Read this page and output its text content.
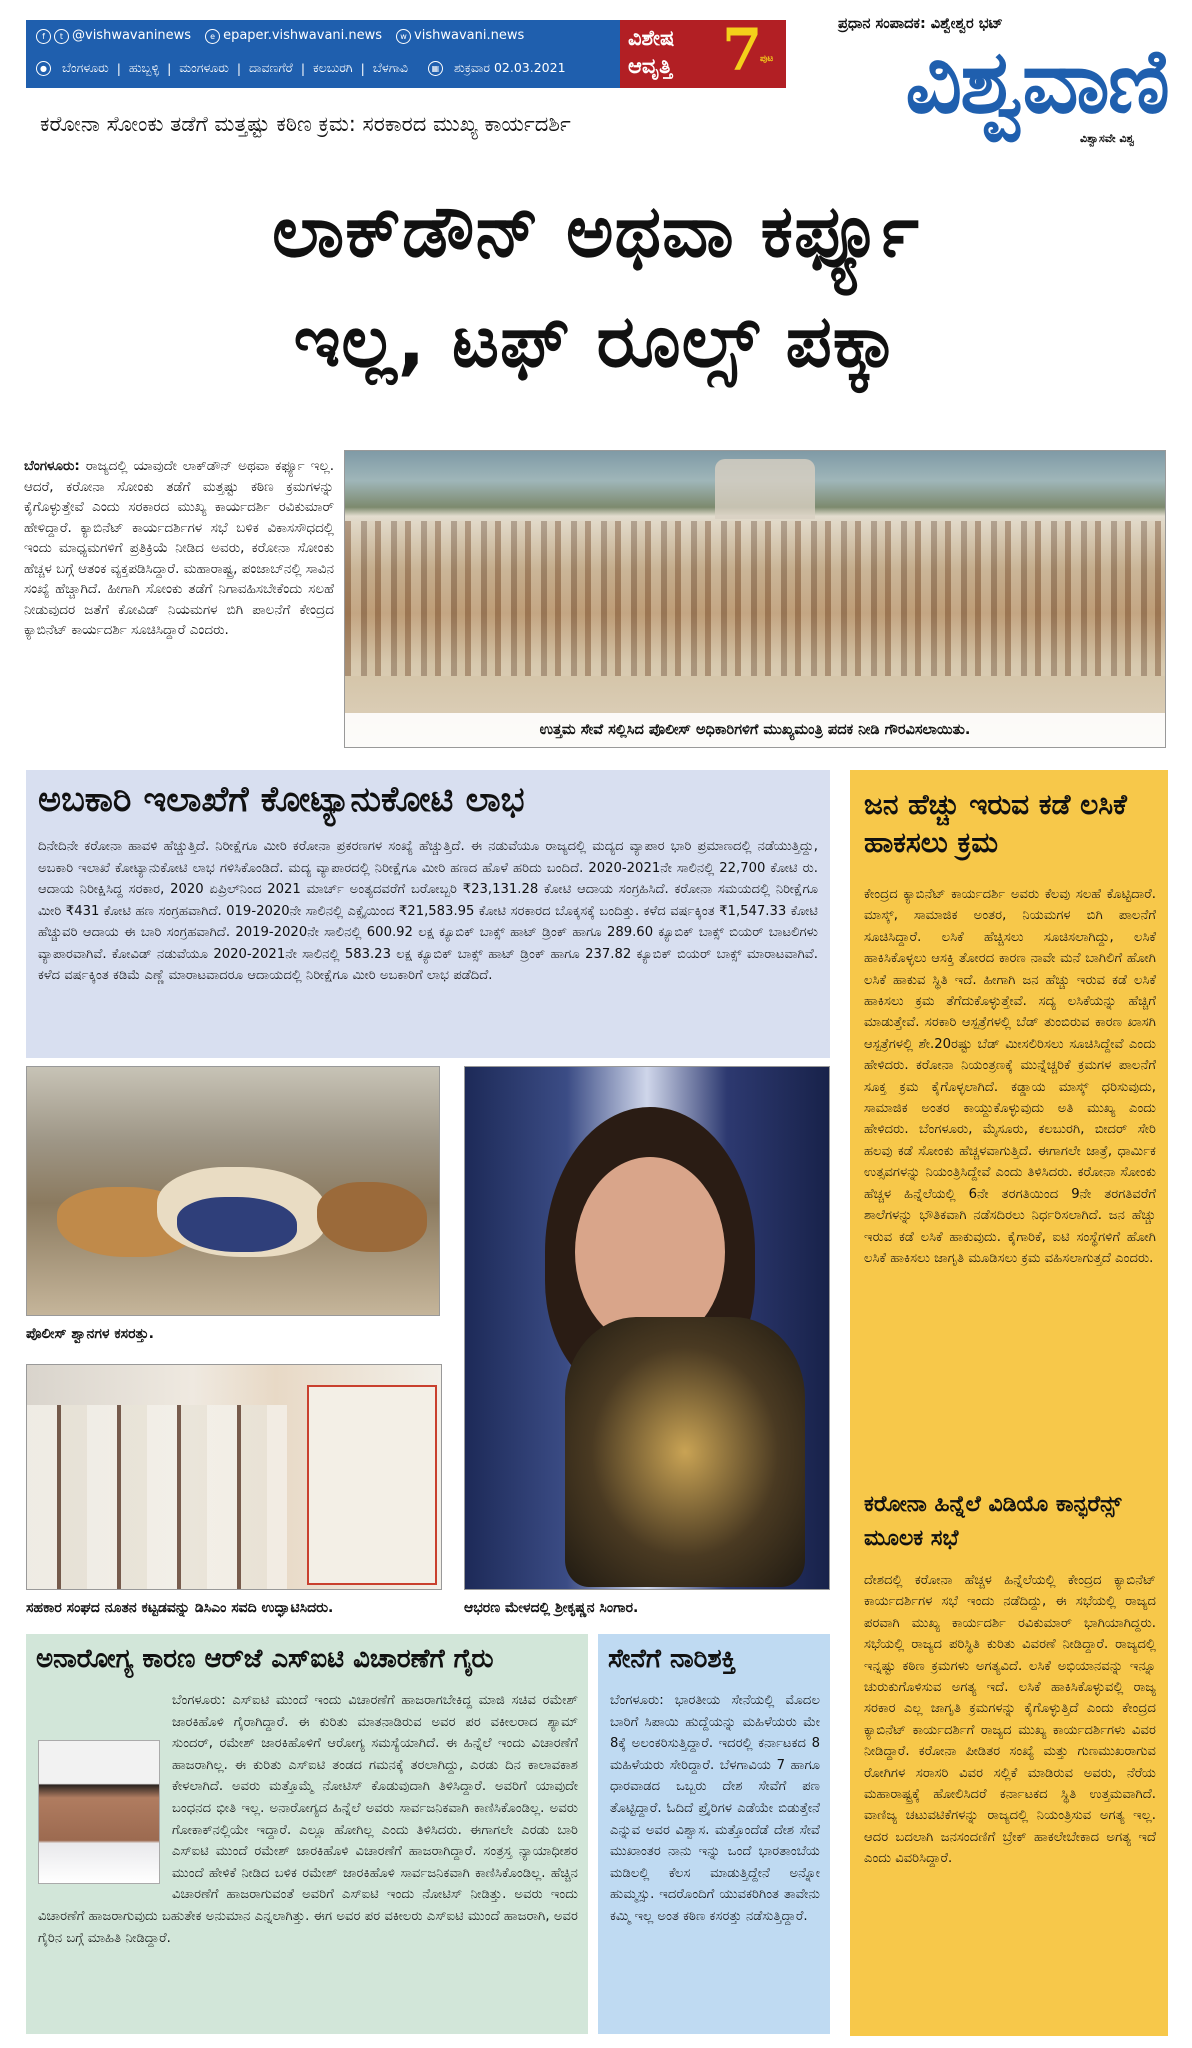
f t @vishwavaninews	e epaper.vishwavani.news	w vishwavani.news
●	ಬೆಂಗಳೂರು | ಹುಬ್ಬಳ್ಳಿ | ಮಂಗಳೂರು | ದಾವಣಗೆರೆ | ಕಲಬುರಗಿ | ಬೆಳಗಾವಿ	▦ ಶುಕ್ರವಾರ 02.03.2021
ವಿಶೇಷ ಆವೃತ್ತಿ 7
ಪುಟ
ಪ್ರಧಾನ ಸಂಪಾದಕ: ವಿಶ್ವೇಶ್ವರ ಭಟ್
ವಿಶ್ವವಾಣಿ
ವಿಶ್ವಾಸವೇ ವಿಶ್ವ
ಕರೋನಾ ಸೋಂಕು ತಡೆಗೆ ಮತ್ತಷ್ಟು ಕಠಿಣ ಕ್ರಮ: ಸರಕಾರದ ಮುಖ್ಯ ಕಾರ್ಯದರ್ಶಿ
ಲಾಕ್‌ಡೌನ್ ಅಥವಾ ಕರ್ಫ್ಯೂ
ಇಲ್ಲ, ಟಫ್ ರೂಲ್ಸ್ ಪಕ್ಕಾ
ಬೆಂಗಳೂರು: ರಾಜ್ಯದಲ್ಲಿ ಯಾವುದೇ ಲಾಕ್‌ಡೌನ್ ಅಥವಾ ಕರ್ಫ್ಯೂ ಇಲ್ಲ. ಆದರೆ, ಕರೋನಾ ಸೋಂಕು ತಡೆಗೆ ಮತ್ತಷ್ಟು ಕಠಿಣ ಕ್ರಮಗಳನ್ನು ಕೈಗೊಳ್ಳುತ್ತೇವೆ ಎಂದು ಸರಕಾರದ ಮುಖ್ಯ ಕಾರ್ಯದರ್ಶಿ ರವಿಕುಮಾರ್ ಹೇಳಿದ್ದಾರೆ. ಕ್ಯಾಬಿನೆಟ್ ಕಾರ್ಯದರ್ಶಿಗಳ ಸಭೆ ಬಳಿಕ ವಿಕಾಸಸೌಧದಲ್ಲಿ ಇಂದು ಮಾಧ್ಯಮಗಳಿಗೆ ಪ್ರತಿಕ್ರಿಯೆ ನೀಡಿದ ಅವರು, ಕರೋನಾ ಸೋಂಕು ಹೆಚ್ಚಳ ಬಗ್ಗೆ ಆತಂಕ ವ್ಯಕ್ತಪಡಿಸಿದ್ದಾರೆ. ಮಹಾರಾಷ್ಟ್ರ, ಪಂಜಾಬ್‌ನಲ್ಲಿ ಸಾವಿನ ಸಂಖ್ಯೆ ಹೆಚ್ಚಾಗಿದೆ. ಹೀಗಾಗಿ ಸೋಂಕು ತಡೆಗೆ ನಿಗಾವಹಿಸಬೇಕೆಂದು ಸಲಹೆ ನೀಡುವುದರ ಜತೆಗೆ ಕೋವಿಡ್ ನಿಯಮಗಳ ಬಿಗಿ ಪಾಲನೆಗೆ ಕೇಂದ್ರದ ಕ್ಯಾಬಿನೆಟ್ ಕಾರ್ಯದರ್ಶಿ ಸೂಚಿಸಿದ್ದಾರೆ ಎಂದರು.
ಉತ್ತಮ ಸೇವೆ ಸಲ್ಲಿಸಿದ ಪೊಲೀಸ್ ಅಧಿಕಾರಿಗಳಿಗೆ ಮುಖ್ಯಮಂತ್ರಿ ಪದಕ ನೀಡಿ ಗೌರವಿಸಲಾಯಿತು.
ಅಬಕಾರಿ ಇಲಾಖೆಗೆ ಕೋಟ್ಯಾನುಕೋಟಿ ಲಾಭ
ದಿನೇದಿನೇ ಕರೋನಾ ಹಾವಳಿ ಹೆಚ್ಚುತ್ತಿದೆ. ನಿರೀಕ್ಷೆಗೂ ಮೀರಿ ಕರೋನಾ ಪ್ರಕರಣಗಳ ಸಂಖ್ಯೆ ಹೆಚ್ಚುತ್ತಿದೆ. ಈ ನಡುವೆಯೂ ರಾಜ್ಯದಲ್ಲಿ ಮದ್ಯದ ವ್ಯಾಪಾರ ಭಾರಿ ಪ್ರಮಾಣದಲ್ಲಿ ನಡೆಯುತ್ತಿದ್ದು, ಅಬಕಾರಿ ಇಲಾಖೆ ಕೋಟ್ಯಾನುಕೋಟಿ ಲಾಭ ಗಳಿಸಿಕೊಂಡಿದೆ. ಮದ್ಯ ವ್ಯಾಪಾರದಲ್ಲಿ ನಿರೀಕ್ಷೆಗೂ ಮೀರಿ ಹಣದ ಹೊಳೆ ಹರಿದು ಬಂದಿದೆ. 2020-2021ನೇ ಸಾಲಿನಲ್ಲಿ 22,700 ಕೋಟಿ ರು. ಆದಾಯ ನಿರೀಕ್ಷಿಸಿದ್ದ ಸರಕಾರ, 2020 ಏಪ್ರಿಲ್‌ನಿಂದ 2021 ಮಾರ್ಚ್ ಅಂತ್ಯದವರೆಗೆ ಬರೋಬ್ಬರಿ ₹23,131.28 ಕೋಟಿ ಆದಾಯ ಸಂಗ್ರಹಿಸಿದೆ. ಕರೋನಾ ಸಮಯದಲ್ಲಿ ನಿರೀಕ್ಷೆಗೂ ಮೀರಿ ₹431 ಕೋಟಿ ಹಣ ಸಂಗ್ರಹವಾಗಿದೆ. 019-2020ನೇ ಸಾಲಿನಲ್ಲಿ ಎಕ್ಸೈಯಿಂದ ₹21,583.95 ಕೋಟಿ ಸರಕಾರದ ಬೊಕ್ಕಸಕ್ಕೆ ಬಂದಿತ್ತು. ಕಳೆದ ವರ್ಷಕ್ಕಿಂತ ₹1,547.33 ಕೋಟಿ ಹೆಚ್ಚುವರಿ ಆದಾಯ ಈ ಬಾರಿ ಸಂಗ್ರಹವಾಗಿದೆ. 2019-2020ನೇ ಸಾಲಿನಲ್ಲಿ 600.92 ಲಕ್ಷ ಕ್ಯೂಬಿಕ್ ಬಾಕ್ಸ್ ಹಾಟ್ ಡ್ರಿಂಕ್ ಹಾಗೂ 289.60 ಕ್ಯೂಬಿಕ್ ಬಾಕ್ಸ್ ಬಿಯರ್ ಬಾಟಲಿಗಳು ವ್ಯಾಪಾರವಾಗಿವೆ. ಕೋವಿಡ್ ನಡುವೆಯೂ 2020-2021ನೇ ಸಾಲಿನಲ್ಲಿ 583.23 ಲಕ್ಷ ಕ್ಯೂಬಿಕ್ ಬಾಕ್ಸ್ ಹಾಟ್ ಡ್ರಿಂಕ್ ಹಾಗೂ 237.82 ಕ್ಯೂಬಿಕ್ ಬಿಯರ್ ಬಾಕ್ಸ್ ಮಾರಾಟವಾಗಿವೆ. ಕಳೆದ ವರ್ಷಕ್ಕಿಂತ ಕಡಿಮೆ ಎಣ್ಣೆ ಮಾರಾಟವಾದರೂ ಆದಾಯದಲ್ಲಿ ನಿರೀಕ್ಷೆಗೂ ಮೀರಿ ಅಬಕಾರಿಗೆ ಲಾಭ ಪಡೆದಿದೆ.
ಪೊಲೀಸ್ ಶ್ವಾನಗಳ ಕಸರತ್ತು.
ಸಹಕಾರ ಸಂಘದ ನೂತನ ಕಟ್ಟಡವನ್ನು ಡಿಸಿಎಂ ಸವದಿ ಉದ್ಘಾಟಿಸಿದರು.	ಆಭರಣ ಮೇಳದಲ್ಲಿ ಶ್ರೀಕೃಷ್ಣನ ಸಿಂಗಾರ.
ಜನ ಹೆಚ್ಚು ಇರುವ ಕಡೆ ಲಸಿಕೆ ಹಾಕಸಲು ಕ್ರಮ
ಕೇಂದ್ರದ ಕ್ಯಾಬಿನೆಟ್ ಕಾರ್ಯದರ್ಶಿ ಅವರು ಕೆಲವು ಸಲಹೆ ಕೊಟ್ಟಿದಾರೆ. ಮಾಸ್ಕ್, ಸಾಮಾಜಿಕ ಅಂತರ, ನಿಯಮಗಳ ಬಿಗಿ ಪಾಲನೆಗೆ ಸೂಚಿಸಿದ್ದಾರೆ. ಲಸಿಕೆ ಹೆಚ್ಚಿಸಲು ಸೂಚಿಸಲಾಗಿದ್ದು, ಲಸಿಕೆ ಹಾಕಿಸಿಕೊಳ್ಳಲು ಆಸಕ್ತಿ ತೋರದ ಕಾರಣ ನಾವೇ ಮನೆ ಬಾಗಿಲಿಗೆ ಹೋಗಿ ಲಸಿಕೆ ಹಾಕುವ ಸ್ಥಿತಿ ಇದೆ. ಹೀಗಾಗಿ ಜನ ಹೆಚ್ಚು ಇರುವ ಕಡೆ ಲಸಿಕೆ ಹಾಕಿಸಲು ಕ್ರಮ ತೆಗೆದುಕೊಳ್ಳುತ್ತೇವೆ. ಸದ್ಯ ಲಸಿಕೆಯನ್ನು ಹೆಚ್ಚಿಗೆ ಮಾಡುತ್ತೇವೆ. ಸರಕಾರಿ ಆಸ್ಪತ್ರೆಗಳಲ್ಲಿ ಬೆಡ್ ತುಂಬಿರುವ ಕಾರಣ ಖಾಸಗಿ ಆಸ್ಪತ್ರೆಗಳಲ್ಲಿ ಶೇ.20ರಷ್ಟು ಬೆಡ್ ಮೀಸಲಿರಿಸಲು ಸೂಚಿಸಿದ್ದೇವೆ ಎಂದು ಹೇಳಿದರು. ಕರೋನಾ ನಿಯಂತ್ರಣಕ್ಕೆ ಮುನ್ನೆಚ್ಚರಿಕೆ ಕ್ರಮಗಳ ಪಾಲನೆಗೆ ಸೂಕ್ತ ಕ್ರಮ ಕೈಗೊಳ್ಳಲಾಗಿದೆ. ಕಡ್ಡಾಯ ಮಾಸ್ಕ್ ಧರಿಸುವುದು, ಸಾಮಾಜಿಕ ಅಂತರ ಕಾಯ್ದುಕೊಳ್ಳುವುದು ಅತಿ ಮುಖ್ಯ ಎಂದು ಹೇಳಿದರು. ಬೆಂಗಳೂರು, ಮೈಸೂರು, ಕಲಬುರಗಿ, ಬೀದರ್ ಸೇರಿ ಹಲವು ಕಡೆ ಸೋಂಕು ಹೆಚ್ಚಳವಾಗುತ್ತಿದೆ. ಈಗಾಗಲೇ ಜಾತ್ರೆ, ಧಾರ್ಮಿಕ ಉತ್ಸವಗಳನ್ನು ನಿಯಂತ್ರಿಸಿದ್ದೇವೆ ಎಂದು ತಿಳಿಸಿದರು. ಕರೋನಾ ಸೋಂಕು ಹೆಚ್ಚಳ ಹಿನ್ನೆಲೆಯಲ್ಲಿ 6ನೇ ತರಗತಿಯಿಂದ 9ನೇ ತರಗತಿವರೆಗೆ ಶಾಲೆಗಳನ್ನು ಭೌತಿಕವಾಗಿ ನಡೆಸದಿರಲು ನಿರ್ಧರಿಸಲಾಗಿದೆ. ಜನ ಹೆಚ್ಚು ಇರುವ ಕಡೆ ಲಸಿಕೆ ಹಾಕುವುದು. ಕೈಗಾರಿಕೆ, ಐಟಿ ಸಂಸ್ಥೆಗಳಿಗೆ ಹೋಗಿ ಲಸಿಕೆ ಹಾಕಿಸಲು ಜಾಗೃತಿ ಮೂಡಿಸಲು ಕ್ರಮ ವಹಿಸಲಾಗುತ್ತದೆ ಎಂದರು.
ಕರೋನಾ ಹಿನ್ನೆಲೆ ವಿಡಿಯೊ ಕಾನ್ಫರೆನ್ಸ್ ಮೂಲಕ ಸಭೆ
ದೇಶದಲ್ಲಿ ಕರೋನಾ ಹೆಚ್ಚಳ ಹಿನ್ನೆಲೆಯಲ್ಲಿ ಕೇಂದ್ರದ ಕ್ಯಾಬಿನೆಟ್ ಕಾರ್ಯದರ್ಶಿಗಳ ಸಭೆ ಇಂದು ನಡೆದಿದ್ದು, ಈ ಸಭೆಯಲ್ಲಿ ರಾಜ್ಯದ ಪರವಾಗಿ ಮುಖ್ಯ ಕಾರ್ಯದರ್ಶಿ ರವಿಕುಮಾರ್ ಭಾಗಿಯಾಗಿದ್ದರು. ಸಭೆಯಲ್ಲಿ ರಾಜ್ಯದ ಪರಿಸ್ಥಿತಿ ಕುರಿತು ವಿವರಣೆ ನೀಡಿದ್ದಾರೆ. ರಾಜ್ಯದಲ್ಲಿ ಇನ್ನಷ್ಟು ಕಠಿಣ ಕ್ರಮಗಳು ಅಗತ್ಯವಿದೆ. ಲಸಿಕೆ ಅಭಿಯಾನವನ್ನು ಇನ್ನೂ ಚುರುಕುಗೊಳಿಸುವ ಅಗತ್ಯ ಇದೆ. ಲಸಿಕೆ ಹಾಕಿಸಿಕೊಳ್ಳುವಲ್ಲಿ ರಾಜ್ಯ ಸರಕಾರ ಎಲ್ಲ ಜಾಗೃತಿ ಕ್ರಮಗಳನ್ನು ಕೈಗೊಳ್ಳುತ್ತಿದೆ ಎಂದು ಕೇಂದ್ರದ ಕ್ಯಾಬಿನೆಟ್ ಕಾರ್ಯದರ್ಶಿಗೆ ರಾಜ್ಯದ ಮುಖ್ಯ ಕಾರ್ಯದರ್ಶಿಗಳು ವಿವರ ನೀಡಿದ್ದಾರೆ. ಕರೋನಾ ಪೀಡಿತರ ಸಂಖ್ಯೆ ಮತ್ತು ಗುಣಮುಖರಾಗುವ ರೋಗಿಗಳ ಸರಾಸರಿ ವಿವರ ಸಲ್ಲಿಕೆ ಮಾಡಿರುವ ಅವರು, ನೆರೆಯ ಮಹಾರಾಷ್ಟ್ರಕ್ಕೆ ಹೋಲಿಸಿದರೆ ಕರ್ನಾಟಕದ ಸ್ಥಿತಿ ಉತ್ತಮವಾಗಿದೆ. ವಾಣಿಜ್ಯ ಚಟುವಟಿಕೆಗಳನ್ನು ರಾಜ್ಯದಲ್ಲಿ ನಿಯಂತ್ರಿಸುವ ಅಗತ್ಯ ಇಲ್ಲ. ಆದರ ಬದಲಾಗಿ ಜನಸಂದಣಿಗೆ ಬ್ರೇಕ್ ಹಾಕಲೇಬೇಕಾದ ಅಗತ್ಯ ಇದೆ ಎಂದು ವಿವರಿಸಿದ್ದಾರೆ.
ಅನಾರೋಗ್ಯ ಕಾರಣ ಆರ್‌ಜೆ ಎಸ್‌ಐಟಿ ವಿಚಾರಣೆಗೆ ಗೈರು
ಬೆಂಗಳೂರು: ಎಸ್‌ಐಟಿ ಮುಂದೆ ಇಂದು ವಿಚಾರಣೆಗೆ ಹಾಜರಾಗಬೇಕಿದ್ದ ಮಾಜಿ ಸಚಿವ ರಮೇಶ್ ಜಾರಕಿಹೊಳಿ ಗೈರಾಗಿದ್ದಾರೆ. ಈ ಕುರಿತು ಮಾತನಾಡಿರುವ ಅವರ ಪರ ವಕೀಲರಾದ ಶ್ಯಾಮ್ ಸುಂದರ್, ರಮೇಶ್ ಜಾರಕಿಹೊಳಿಗೆ ಆರೋಗ್ಯ ಸಮಸ್ಯೆಯಾಗಿದೆ. ಈ ಹಿನ್ನೆಲೆ ಇಂದು ವಿಚಾರಣೆಗೆ ಹಾಜರಾಗಿಲ್ಲ. ಈ ಕುರಿತು ಎಸ್‌ಐಟಿ ತಂಡದ ಗಮನಕ್ಕೆ ತರಲಾಗಿದ್ದು, ಎರಡು ದಿನ ಕಾಲಾವಕಾಶ ಕೇಳಲಾಗಿದೆ. ಅವರು ಮತ್ತೊಮ್ಮೆ ನೋಟಿಸ್ ಕೊಡುವುದಾಗಿ ತಿಳಿಸಿದ್ದಾರೆ. ಅವರಿಗೆ ಯಾವುದೇ ಬಂಧನದ ಭೀತಿ ಇಲ್ಲ. ಅನಾರೋಗ್ಯದ ಹಿನ್ನೆಲೆ ಅವರು ಸಾರ್ವಜನಿಕವಾಗಿ ಕಾಣಿಸಿಕೊಂಡಿಲ್ಲ. ಅವರು ಗೋಕಾಕ್‌ನಲ್ಲಿಯೇ ಇದ್ದಾರೆ. ಎಲ್ಲೂ ಹೋಗಿಲ್ಲ ಎಂದು ತಿಳಿಸಿದರು. ಈಗಾಗಲೇ ಎರಡು ಬಾರಿ ಎಸ್‌ಐಟಿ ಮುಂದೆ ರಮೇಶ್ ಜಾರಕಿಹೊಳಿ ವಿಚಾರಣೆಗೆ ಹಾಜರಾಗಿದ್ದಾರೆ. ಸಂತ್ರಸ್ತ ನ್ಯಾಯಾಧೀಶರ ಮುಂದೆ ಹೇಳಿಕೆ ನೀಡಿದ ಬಳಿಕ ರಮೇಶ್ ಜಾರಕಿಹೊಳಿ ಸಾರ್ವಜನಿಕವಾಗಿ ಕಾಣಿಸಿಕೊಂಡಿಲ್ಲ. ಹೆಚ್ಚಿನ ವಿಚಾರಣೆಗೆ ಹಾಜರಾಗುವಂತೆ ಅವರಿಗೆ ಎಸ್‌ಐಟಿ ಇಂದು ನೋಟಿಸ್ ನೀಡಿತ್ತು. ಅವರು ಇಂದು ವಿಚಾರಣೆಗೆ ಹಾಜರಾಗುವುದು ಬಹುತೇಕ ಅನುಮಾನ ಎನ್ನಲಾಗಿತ್ತು. ಈಗ ಅವರ ಪರ ವಕೀಲರು ಎಸ್‌ಐಟಿ ಮುಂದೆ ಹಾಜರಾಗಿ, ಅವರ ಗೈರಿನ ಬಗ್ಗೆ ಮಾಹಿತಿ ನೀಡಿದ್ದಾರೆ.
ಸೇನೆಗೆ ನಾರಿಶಕ್ತಿ
ಬೆಂಗಳೂರು: ಭಾರತೀಯ ಸೇನೆಯಲ್ಲಿ ಮೊದಲ ಬಾರಿಗೆ ಸಿಪಾಯಿ ಹುದ್ದೆಯನ್ನು ಮಹಿಳೆಯರು ಮೇ 8ಕ್ಕೆ ಅಲಂಕರಿಸುತ್ತಿದ್ದಾರೆ. ಇದರಲ್ಲಿ ಕರ್ನಾಟಕದ 8 ಮಹಿಳೆಯರು ಸೇರಿದ್ದಾರೆ. ಬೆಳಗಾವಿಯ 7 ಹಾಗೂ ಧಾರವಾಡದ ಒಬ್ಬರು ದೇಶ ಸೇವೆಗೆ ಪಣ ತೊಟ್ಟಿದ್ದಾರೆ. ಓದಿದೆ ಪ್ರೈರಿಗಳ ಎಡೆಯೇ ಬಿಡುತ್ತೇನೆ ಎನ್ನುವ ಅವರ ವಿಶ್ವಾಸ. ಮತ್ತೊಂದೆಡೆ ದೇಶ ಸೇವೆ ಮುಖಾಂತರ ನಾನು ಇನ್ನು ಒಂದೆ ಭಾರತಾಂಬೆಯ ಮಡಿಲಲ್ಲಿ ಕೆಲಸ ಮಾಡುತ್ತಿದ್ದೇನೆ ಅನ್ನೋ ಹುಮ್ಮಸ್ಸು. ಇದರೊಂದಿಗೆ ಯುವಕರಿಗಿಂತ ತಾವೇನು ಕಮ್ಮಿ ಇಲ್ಲ ಅಂತ ಕಠಿಣ ಕಸರತ್ತು ನಡೆಸುತ್ತಿದ್ದಾರೆ.
